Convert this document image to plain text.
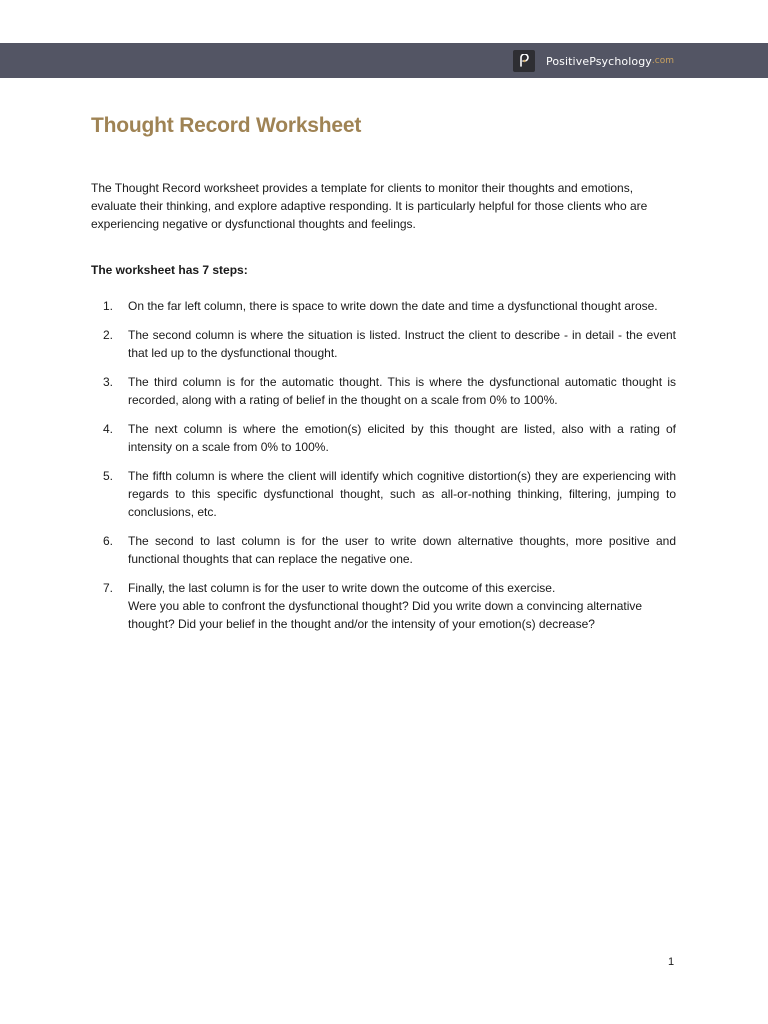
PositivePsychology .com
Thought Record Worksheet

The Thought Record worksheet provides a template for clients to monitor their thoughts and emotions, evaluate their thinking, and explore adaptive responding. It is particularly helpful for those clients who are experiencing negative or dysfunctional thoughts and feelings.

The worksheet has 7 steps:

1.	On the far left column, there is space to write down the date and time a dysfunctional thought arose.
2.	The second column is where the situation is listed. Instruct the client to describe - in detail - the event that led up to the dysfunctional thought.
3.	The third column is for the automatic thought. This is where the dysfunctional automatic thought is recorded, along with a rating of belief in the thought on a scale from 0% to 100%.
4.	The next column is where the emotion(s) elicited by this thought are listed, also with a rating of intensity on a scale from 0% to 100%.
5.	The fifth column is where the client will identify which cognitive distortion(s) they are experiencing with regards to this specific dysfunctional thought, such as all-or-nothing thinking, filtering, jumping to conclusions, etc.
6.	The second to last column is for the user to write down alternative thoughts, more positive and functional thoughts that can replace the negative one.
7.	Finally, the last column is for the user to write down the outcome of this exercise.
Were you able to confront the dysfunctional thought? Did you write down a convincing alternative thought? Did your belief in the thought and/or the intensity of your emotion(s) decrease?
1
